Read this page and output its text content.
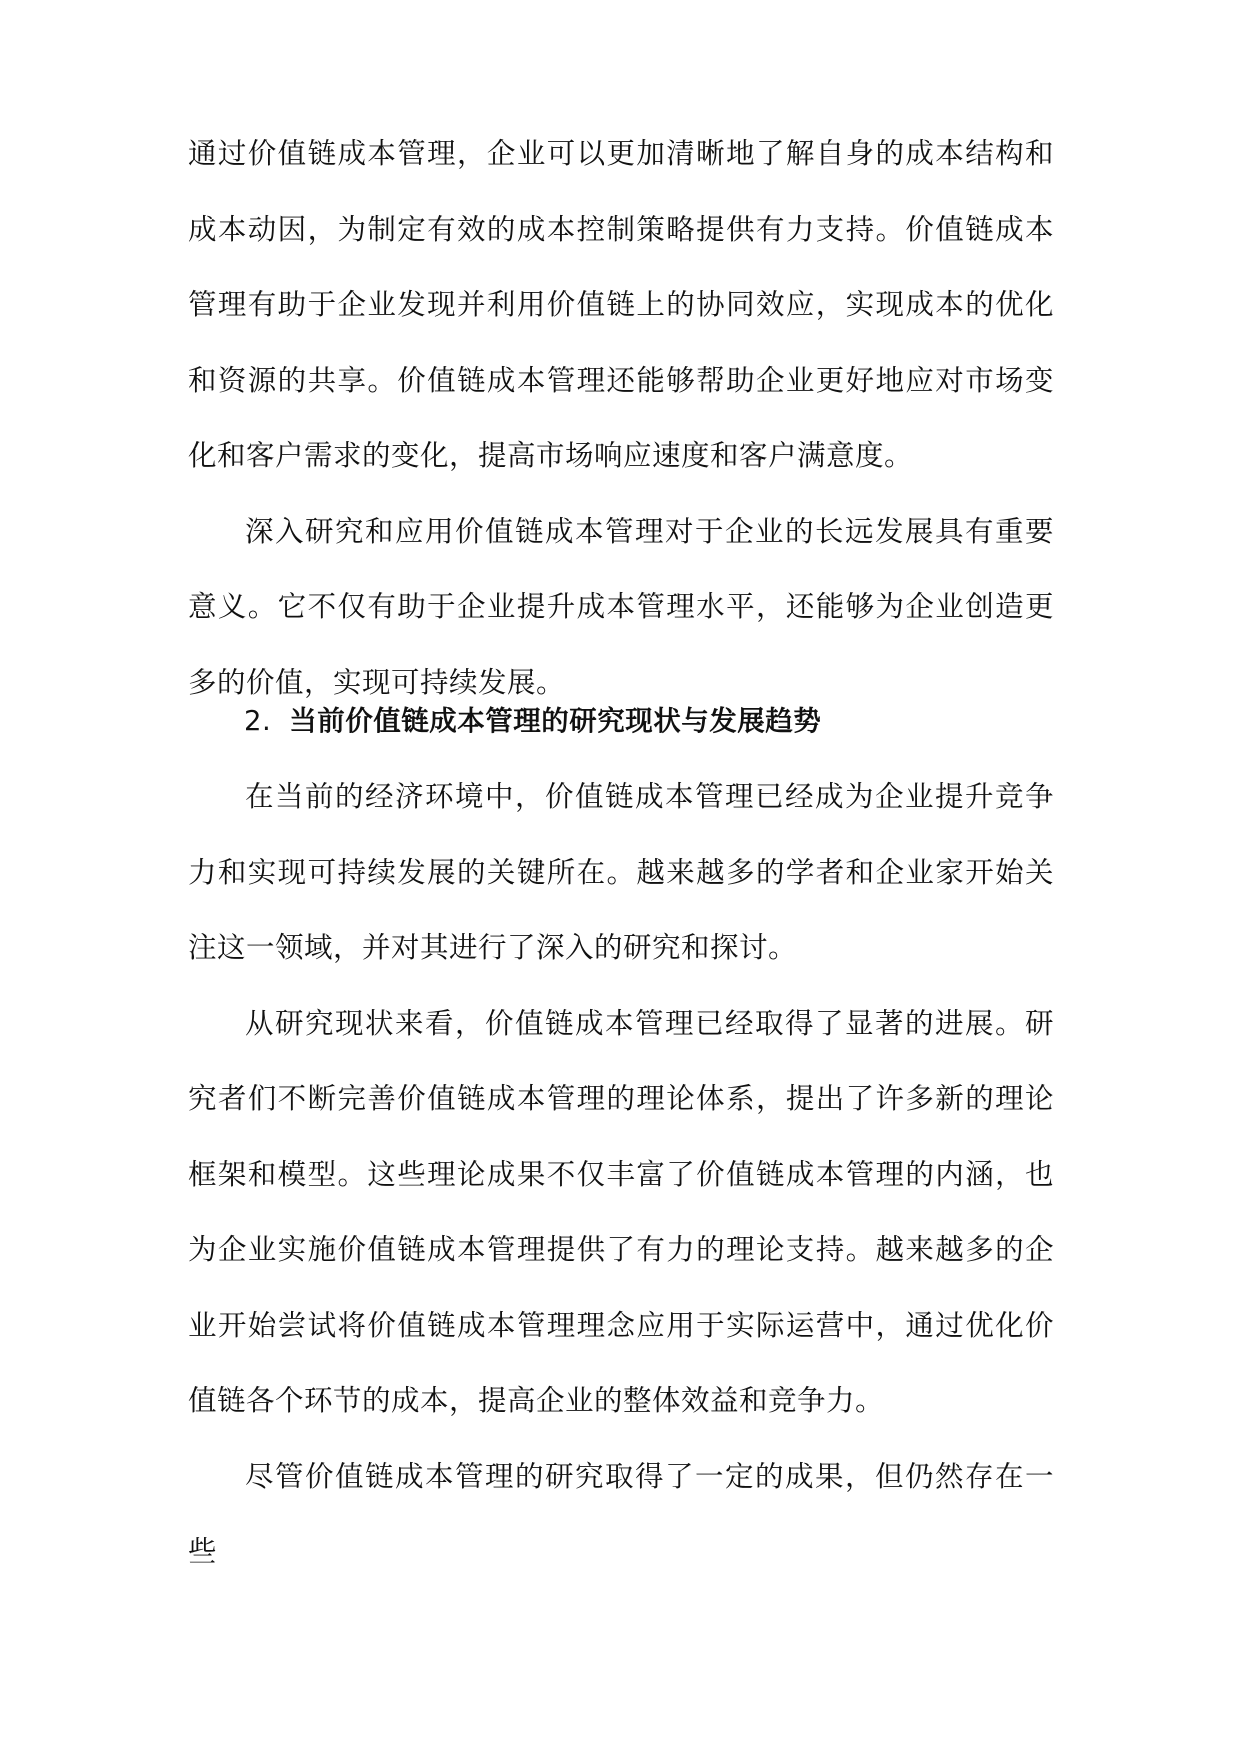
通过价值链成本管理，企业可以更加清晰地了解自身的成本结构和成本动因，为制定有效的成本控制策略提供有力支持。价值链成本管理有助于企业发现并利用价值链上的协同效应，实现成本的优化和资源的共享。价值链成本管理还能够帮助企业更好地应对市场变化和客户需求的变化，提高市场响应速度和客户满意度。

深入研究和应用价值链成本管理对于企业的长远发展具有重要意义。它不仅有助于企业提升成本管理水平，还能够为企业创造更多的价值，实现可持续发展。

2. 当前价值链成本管理的研究现状与发展趋势

在当前的经济环境中，价值链成本管理已经成为企业提升竞争力和实现可持续发展的关键所在。越来越多的学者和企业家开始关注这一领域，并对其进行了深入的研究和探讨。

从研究现状来看，价值链成本管理已经取得了显著的进展。研究者们不断完善价值链成本管理的理论体系，提出了许多新的理论框架和模型。这些理论成果不仅丰富了价值链成本管理的内涵，也为企业实施价值链成本管理提供了有力的理论支持。越来越多的企业开始尝试将价值链成本管理理念应用于实际运营中，通过优化价值链各个环节的成本，提高企业的整体效益和竞争力。

尽管价值链成本管理的研究取得了一定的成果，但仍然存在一些
